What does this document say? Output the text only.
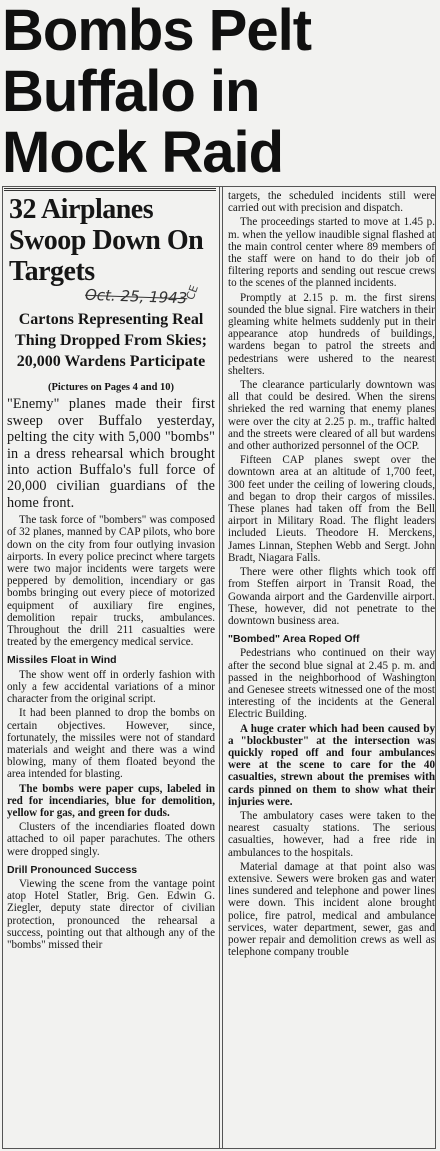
Bombs Pelt
Buffalo in
Mock Raid
32 Airplanes Swoop Down On Targets
Oct. 25, 1943
Cartons Representing Real Thing Dropped From Skies; 20,000 Wardens Participate
(Pictures on Pages 4 and 10)
"Enemy" planes made their first sweep over Buffalo yesterday, pelting the city with 5,000 "bombs" in a dress rehearsal which brought into action Buffalo's full force of 20,000 civilian guardians of the home front.

The task force of "bombers" was composed of 32 planes, manned by CAP pilots, who bore down on the city from four outlying invasion airports. In every police precinct where targets were two major incidents were targets were peppered by demolition, incendiary or gas bombs bringing out every piece of motorized equipment of auxiliary fire engines, demolition repair trucks, ambulances. Throughout the drill 211 casualties were treated by the emergency medical service.

Missiles Float in Wind

The show went off in orderly fashion with only a few accidental variations of a minor character from the original script.

It had been planned to drop the bombs on certain objectives. However, since, fortunately, the missiles were not of standard materials and weight and there was a wind blowing, many of them floated beyond the area intended for blasting.

The bombs were paper cups, labeled in red for incendiaries, blue for demolition, yellow for gas, and green for duds.

Clusters of the incendiaries floated down attached to oil paper parachutes. The others were dropped singly.

Drill Pronounced Success

Viewing the scene from the vantage point atop Hotel Statler, Brig. Gen. Edwin G. Ziegler, deputy state director of civilian protection, pronounced the rehearsal a success, pointing out that although any of the "bombs" missed their

CE

targets, the scheduled incidents still were carried out with precision and dispatch.

The proceedings started to move at 1.45 p. m. when the yellow inaudible signal flashed at the main control center where 89 members of the staff were on hand to do their job of filtering reports and sending out rescue crews to the scenes of the planned incidents.

Promptly at 2.15 p. m. the first sirens sounded the blue signal. Fire watchers in their gleaming white helmets suddenly put in their appearance atop hundreds of buildings, wardens began to patrol the streets and pedestrians were ushered to the nearest shelters.

The clearance particularly downtown was all that could be desired. When the sirens shrieked the red warning that enemy planes were over the city at 2.25 p. m., traffic halted and the streets were cleared of all but wardens and other authorized personnel of the OCP.

Fifteen CAP planes swept over the downtown area at an altitude of 1,700 feet, 300 feet under the ceiling of lowering clouds, and began to drop their cargos of missiles. These planes had taken off from the Bell airport in Military Road. The flight leaders included Lieuts. Theodore H. Merckens, James Linnan, Stephen Webb and Sergt. John Bradt, Niagara Falls.

There were other flights which took off from Steffen airport in Transit Road, the Gowanda airport and the Gardenville airport. These, however, did not penetrate to the downtown business area.

"Bombed" Area Roped Off

Pedestrians who continued on their way after the second blue signal at 2.45 p. m. and passed in the neighborhood of Washington and Genesee streets witnessed one of the most interesting of the incidents at the General Electric Building.

A huge crater which had been caused by a "blockbuster" at the intersection was quickly roped off and four ambulances were at the scene to care for the 40 casualties, strewn about the premises with cards pinned on them to show what their injuries were.

The ambulatory cases were taken to the nearest casualty stations. The serious casualties, however, had a free ride in ambulances to the hospitals.

Material damage at that point also was extensive. Sewers were broken gas and water lines sundered and telephone and power lines were down. This incident alone brought police, fire patrol, medical and ambulance services, water department, sewer, gas and power repair and demolition crews as well as telephone company trouble
